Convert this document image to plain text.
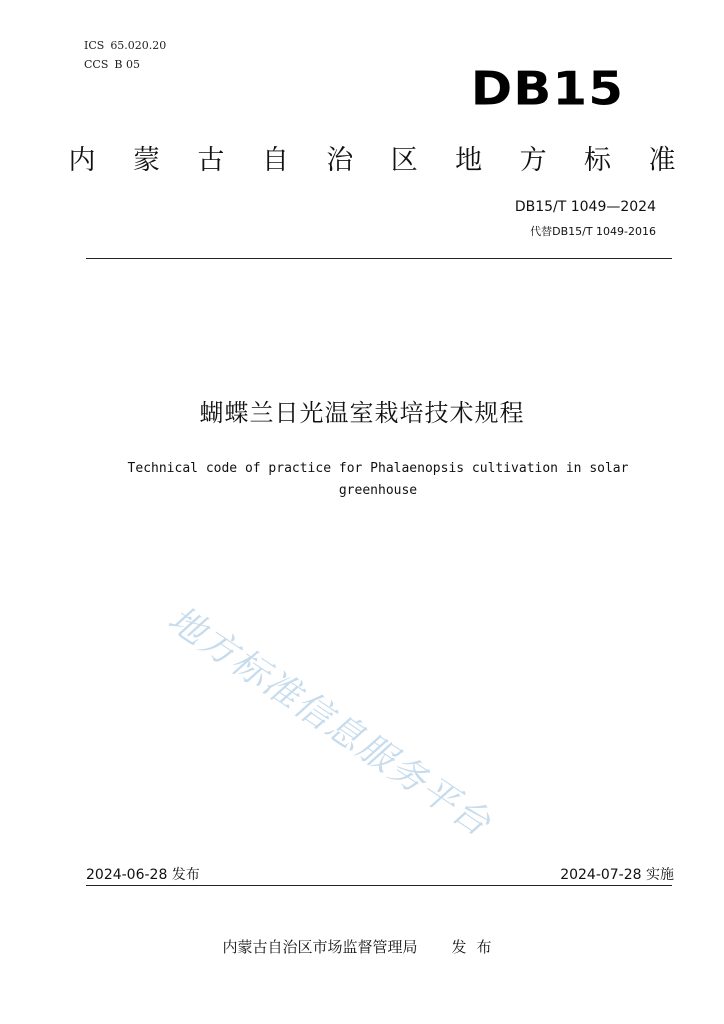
ICS 65.020.20
CCS B 05	DB15
内 蒙 古 自 治 区 地 方 标 准
DB15/T 1049—2024
代替DB15/T 1049-2016
蝴蝶兰日光温室栽培技术规程
Technical code of practice for Phalaenopsis cultivation in solar greenhouse
地方标准信息服务平台
2024-06-28 发布	2024-07-28 实施
内蒙古自治区市场监督管理局 发布
